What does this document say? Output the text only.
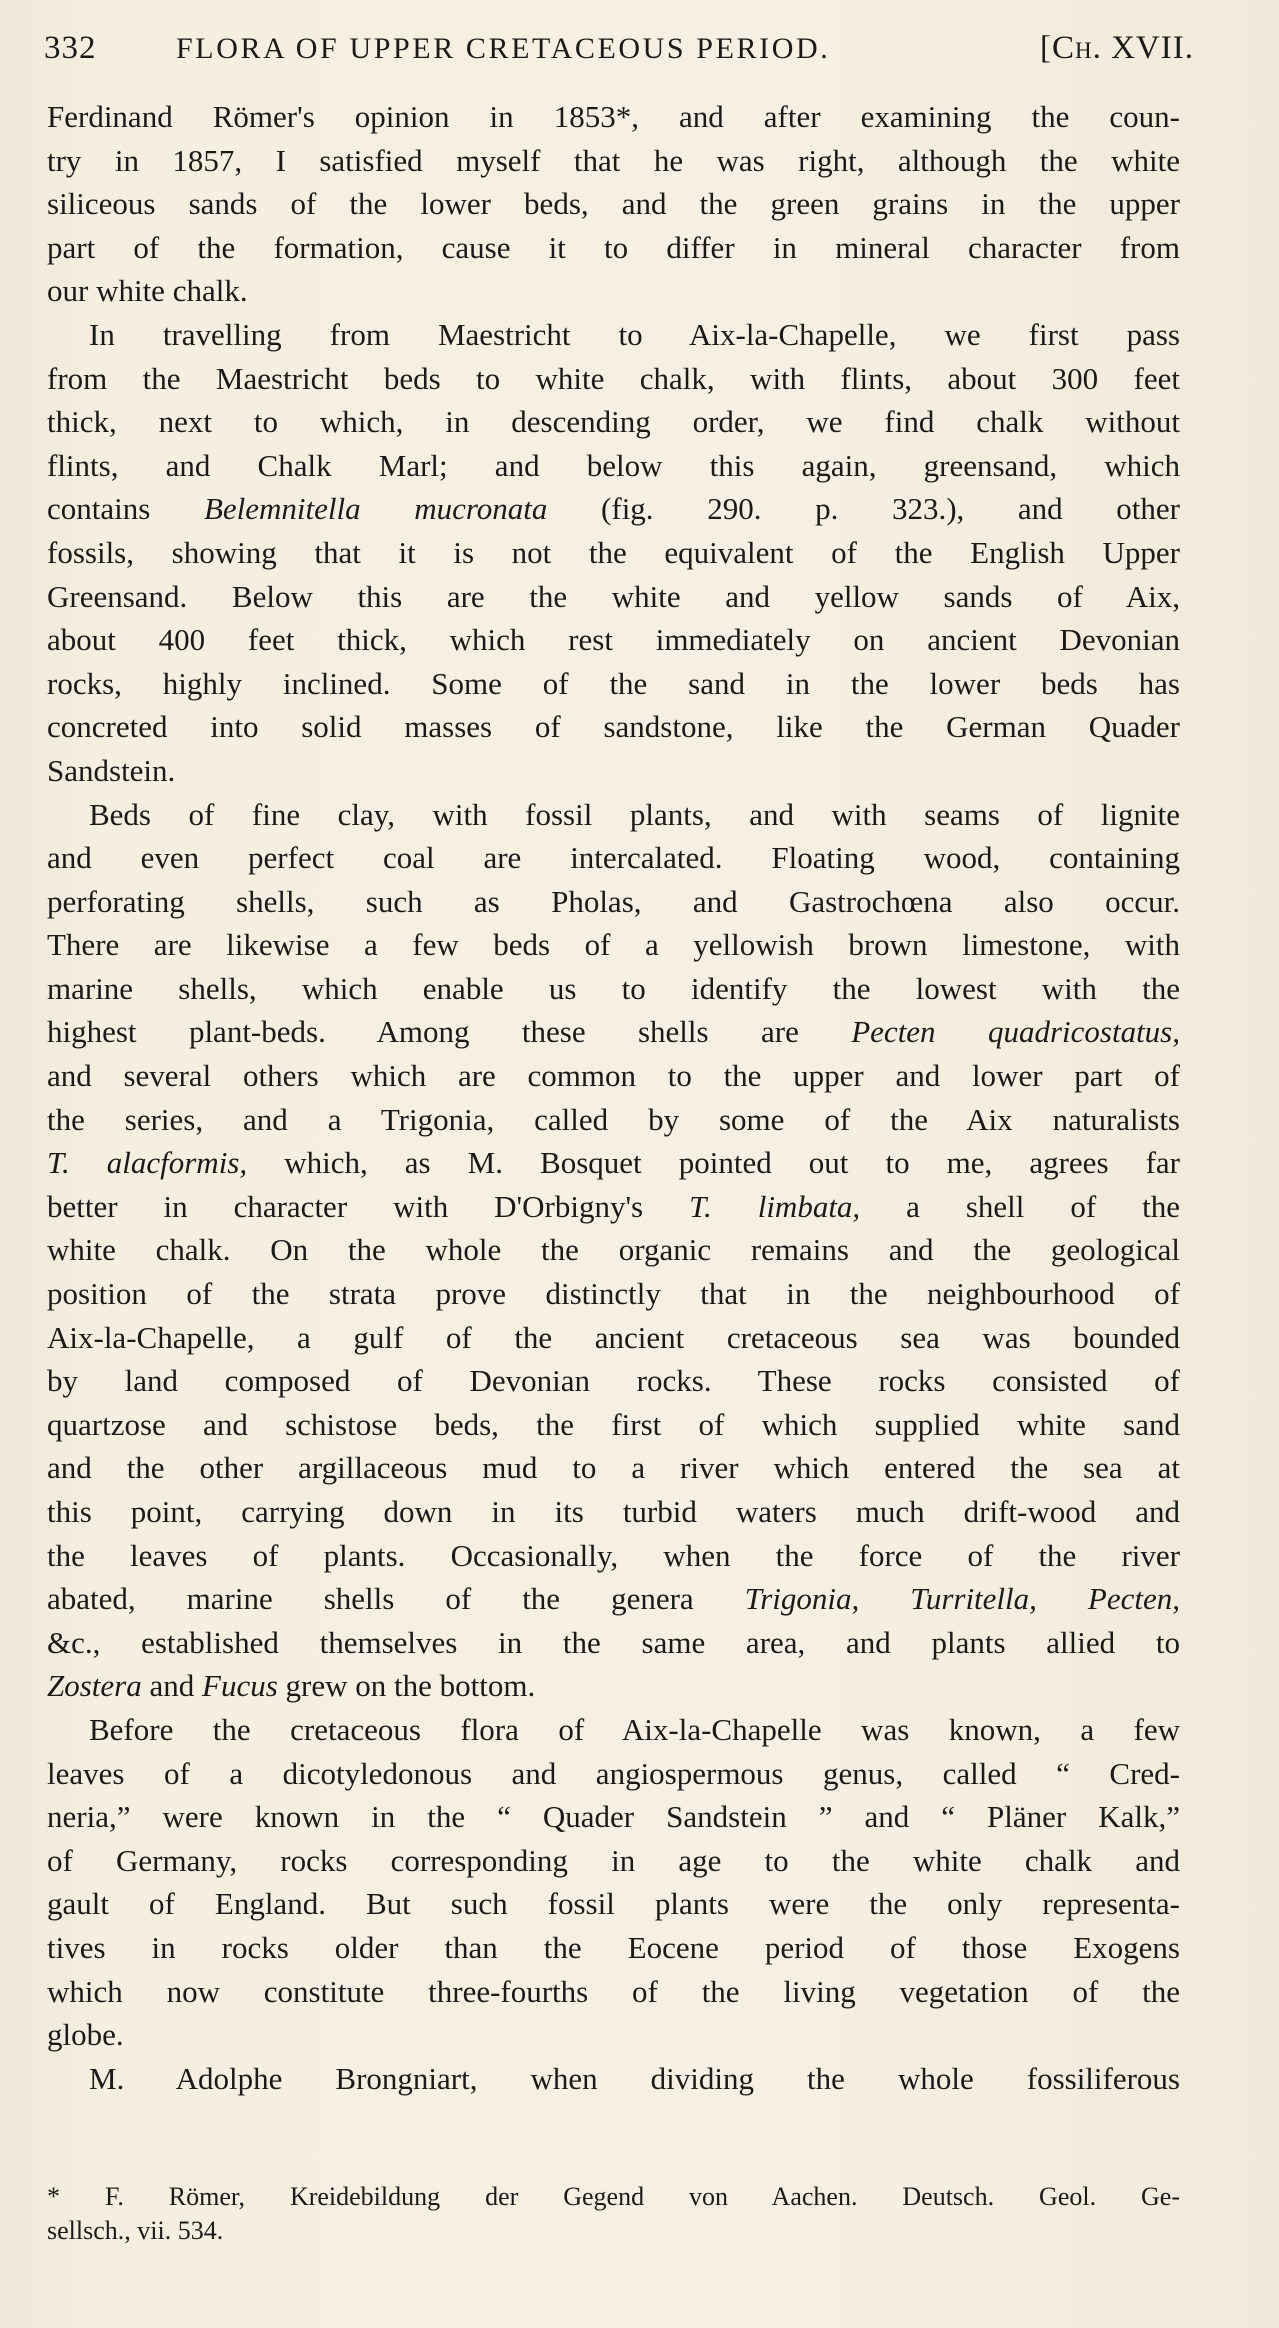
332	FLORA OF UPPER CRETACEOUS PERIOD.	[Ch. XVII.
Ferdinand Römer's opinion in 1853*, and after examining the coun-
try in 1857, I satisfied myself that he was right, although the white
siliceous sands of the lower beds, and the green grains in the upper
part of the formation, cause it to differ in mineral character from
our white chalk.
In travelling from Maestricht to Aix-la-Chapelle, we first pass
from the Maestricht beds to white chalk, with flints, about 300 feet
thick, next to which, in descending order, we find chalk without
flints, and Chalk Marl; and below this again, greensand, which
contains Belemnitella mucronata (fig. 290. p. 323.), and other
fossils, showing that it is not the equivalent of the English Upper
Greensand. Below this are the white and yellow sands of Aix,
about 400 feet thick, which rest immediately on ancient Devonian
rocks, highly inclined. Some of the sand in the lower beds has
concreted into solid masses of sandstone, like the German Quader
Sandstein.
Beds of fine clay, with fossil plants, and with seams of lignite
and even perfect coal are intercalated. Floating wood, containing
perforating shells, such as Pholas, and Gastrochœna also occur.
There are likewise a few beds of a yellowish brown limestone, with
marine shells, which enable us to identify the lowest with the
highest plant-beds. Among these shells are Pecten quadricostatus,
and several others which are common to the upper and lower part of
the series, and a Trigonia, called by some of the Aix naturalists
T. alacformis, which, as M. Bosquet pointed out to me, agrees far
better in character with D'Orbigny's T. limbata, a shell of the
white chalk. On the whole the organic remains and the geological
position of the strata prove distinctly that in the neighbourhood of
Aix-la-Chapelle, a gulf of the ancient cretaceous sea was bounded
by land composed of Devonian rocks. These rocks consisted of
quartzose and schistose beds, the first of which supplied white sand
and the other argillaceous mud to a river which entered the sea at
this point, carrying down in its turbid waters much drift-wood and
the leaves of plants. Occasionally, when the force of the river
abated, marine shells of the genera Trigonia, Turritella, Pecten,
&c., established themselves in the same area, and plants allied to
Zostera and Fucus grew on the bottom.
Before the cretaceous flora of Aix-la-Chapelle was known, a few
leaves of a dicotyledonous and angiospermous genus, called “ Cred-
neria,” were known in the “ Quader Sandstein ” and “ Pläner Kalk,”
of Germany, rocks corresponding in age to the white chalk and
gault of England. But such fossil plants were the only representa-
tives in rocks older than the Eocene period of those Exogens
which now constitute three-fourths of the living vegetation of the
globe.
M. Adolphe Brongniart, when dividing the whole fossiliferous
* F. Römer, Kreidebildung der Gegend von Aachen. Deutsch. Geol. Ge-
sellsch., vii. 534.
